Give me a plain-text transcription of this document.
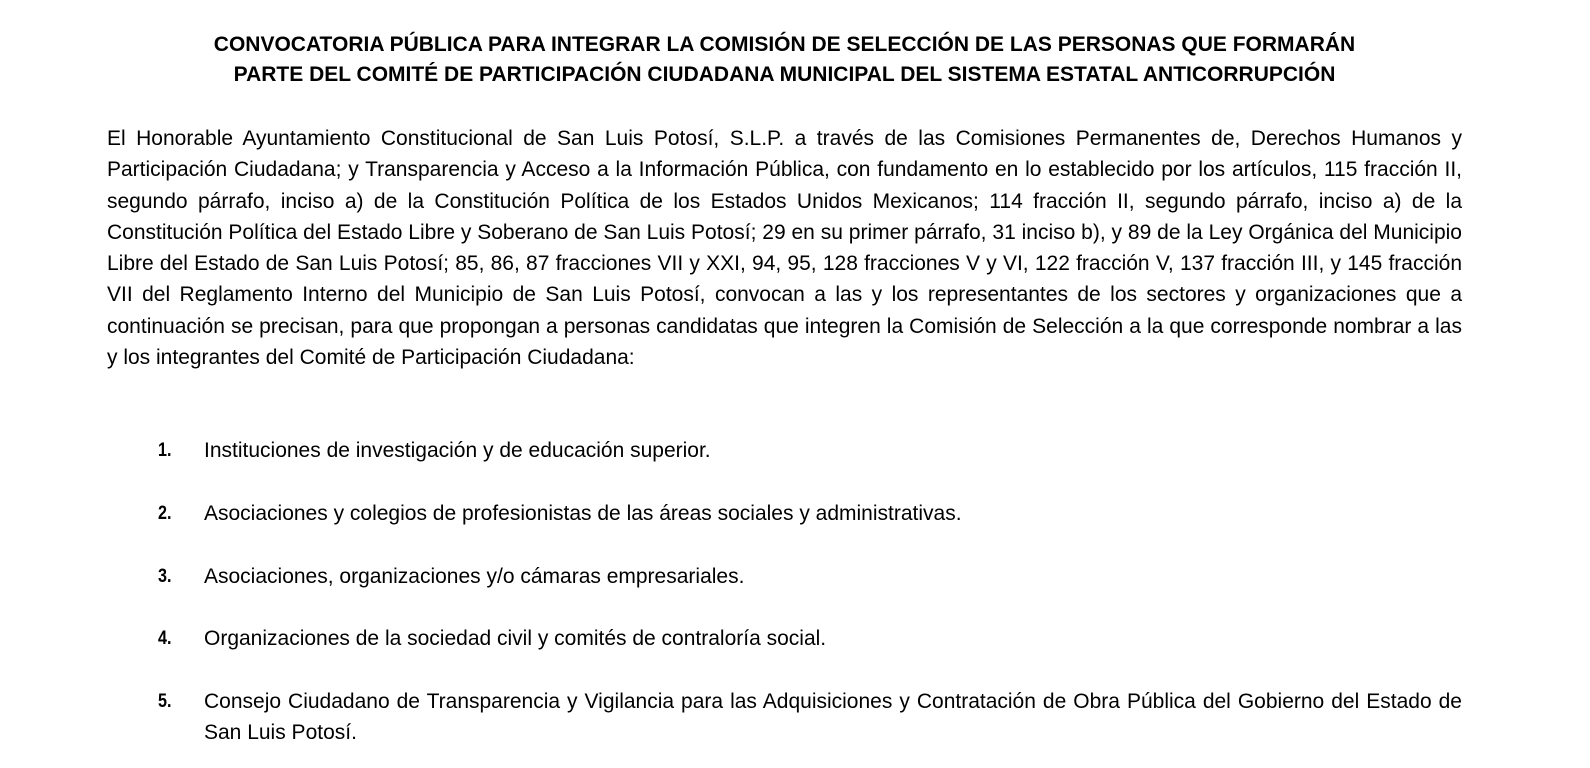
CONVOCATORIA PÚBLICA PARA INTEGRAR LA COMISIÓN DE SELECCIÓN DE LAS PERSONAS QUE FORMARÁN
PARTE DEL COMITÉ DE PARTICIPACIÓN CIUDADANA MUNICIPAL DEL SISTEMA ESTATAL ANTICORRUPCIÓN

El Honorable Ayuntamiento Constitucional de San Luis Potosí, S.L.P. a través de las Comisiones Permanentes de, Derechos Humanos y Participación Ciudadana; y Transparencia y Acceso a la Información Pública, con fundamento en lo establecido por los artículos, 115 fracción II, segundo párrafo, inciso a) de la Constitución Política de los Estados Unidos Mexicanos; 114 fracción II, segundo párrafo, inciso a) de la Constitución Política del Estado Libre y Soberano de San Luis Potosí; 29 en su primer párrafo, 31 inciso b), y 89 de la Ley Orgánica del Municipio Libre del Estado de San Luis Potosí; 85, 86, 87 fracciones VII y XXI, 94, 95, 128 fracciones V y VI, 122 fracción V, 137 fracción III, y 145 fracción VII del Reglamento Interno del Municipio de San Luis Potosí, convocan a las y los representantes de los sectores y organizaciones que a continuación se precisan, para que propongan a personas candidatas que integren la Comisión de Selección a la que corresponde nombrar a las y los integrantes del Comité de Participación Ciudadana:

1. Instituciones de investigación y de educación superior.
2. Asociaciones y colegios de profesionistas de las áreas sociales y administrativas.
3. Asociaciones, organizaciones y/o cámaras empresariales.
4. Organizaciones de la sociedad civil y comités de contraloría social.
5. Consejo Ciudadano de Transparencia y Vigilancia para las Adquisiciones y Contratación de Obra Pública del Gobierno del Estado de San Luis Potosí.
